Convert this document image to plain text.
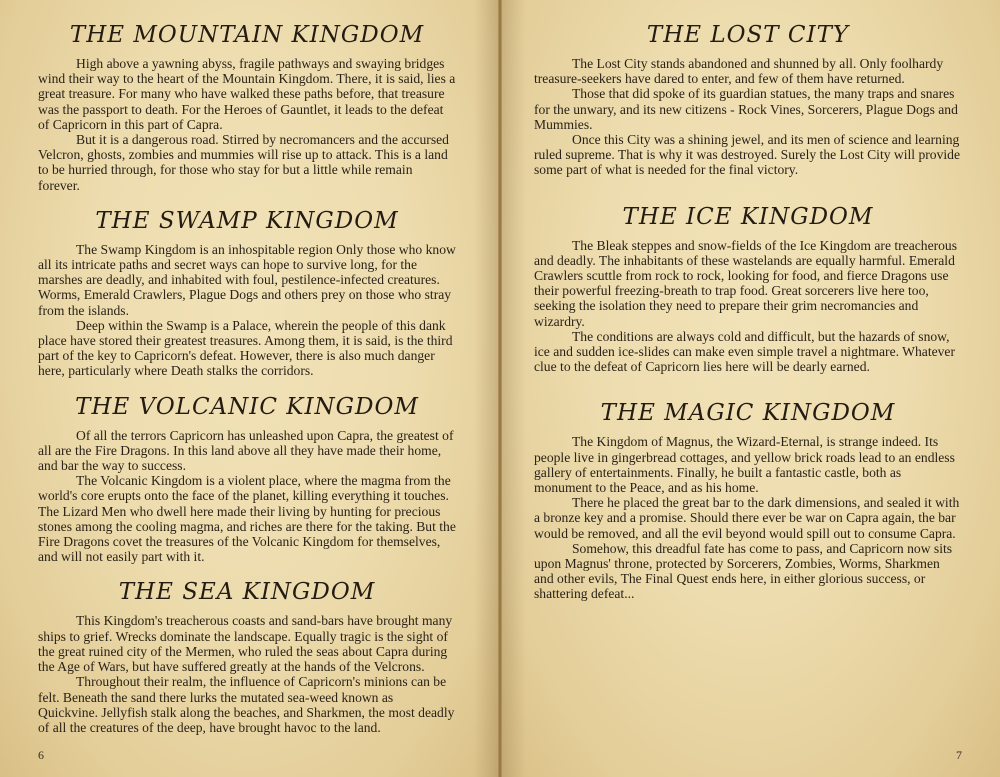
THE MOUNTAIN KINGDOM

High above a yawning abyss, fragile pathways and swaying bridges wind their way to the heart of the Mountain Kingdom. There, it is said, lies a great treasure. For many who have walked these paths before, that treasure was the passport to death. For the Heroes of Gauntlet, it leads to the defeat of Capricorn in this part of Capra.

But it is a dangerous road. Stirred by necromancers and the accursed Velcron, ghosts, zombies and mummies will rise up to attack. This is a land to be hurried through, for those who stay for but a little while remain forever.

THE SWAMP KINGDOM

The Swamp Kingdom is an inhospitable region Only those who know all its intricate paths and secret ways can hope to survive long, for the marshes are deadly, and inhabited with foul, pestilence-infected creatures. Worms, Emerald Crawlers, Plague Dogs and others prey on those who stray from the islands.

Deep within the Swamp is a Palace, wherein the people of this dank place have stored their greatest treasures. Among them, it is said, is the third part of the key to Capricorn's defeat. However, there is also much danger here, particularly where Death stalks the corridors.

THE VOLCANIC KINGDOM

Of all the terrors Capricorn has unleashed upon Capra, the greatest of all are the Fire Dragons. In this land above all they have made their home, and bar the way to success.

The Volcanic Kingdom is a violent place, where the magma from the world's core erupts onto the face of the planet, killing everything it touches. The Lizard Men who dwell here made their living by hunting for precious stones among the cooling magma, and riches are there for the taking. But the Fire Dragons covet the treasures of the Volcanic Kingdom for themselves, and will not easily part with it.

THE SEA KINGDOM

This Kingdom's treacherous coasts and sand-bars have brought many ships to grief. Wrecks dominate the landscape. Equally tragic is the sight of the great ruined city of the Mermen, who ruled the seas about Capra during the Age of Wars, but have suffered greatly at the hands of the Velcrons.

Throughout their realm, the influence of Capricorn's minions can be felt. Beneath the sand there lurks the mutated sea-weed known as Quickvine. Jellyfish stalk along the beaches, and Sharkmen, the most deadly of all the creatures of the deep, have brought havoc to the land.

6
THE LOST CITY

The Lost City stands abandoned and shunned by all. Only foolhardy treasure-seekers have dared to enter, and few of them have returned.

Those that did spoke of its guardian statues, the many traps and snares for the unwary, and its new citizens - Rock Vines, Sorcerers, Plague Dogs and Mummies.

Once this City was a shining jewel, and its men of science and learning ruled supreme. That is why it was destroyed. Surely the Lost City will provide some part of what is needed for the final victory.

THE ICE KINGDOM

The Bleak steppes and snow-fields of the Ice Kingdom are treacherous and deadly. The inhabitants of these wastelands are equally harmful. Emerald Crawlers scuttle from rock to rock, looking for food, and fierce Dragons use their powerful freezing-breath to trap food. Great sorcerers live here too, seeking the isolation they need to prepare their grim necromancies and wizardry.

The conditions are always cold and difficult, but the hazards of snow, ice and sudden ice-slides can make even simple travel a nightmare. Whatever clue to the defeat of Capricorn lies here will be dearly earned.

THE MAGIC KINGDOM

The Kingdom of Magnus, the Wizard-Eternal, is strange indeed. Its people live in gingerbread cottages, and yellow brick roads lead to an endless gallery of entertainments. Finally, he built a fantastic castle, both as monument to the Peace, and as his home.

There he placed the great bar to the dark dimensions, and sealed it with a bronze key and a promise. Should there ever be war on Capra again, the bar would be removed, and all the evil beyond would spill out to consume Capra.

Somehow, this dreadful fate has come to pass, and Capricorn now sits upon Magnus' throne, protected by Sorcerers, Zombies, Worms, Sharkmen and other evils, The Final Quest ends here, in either glorious success, or shattering defeat...

7
